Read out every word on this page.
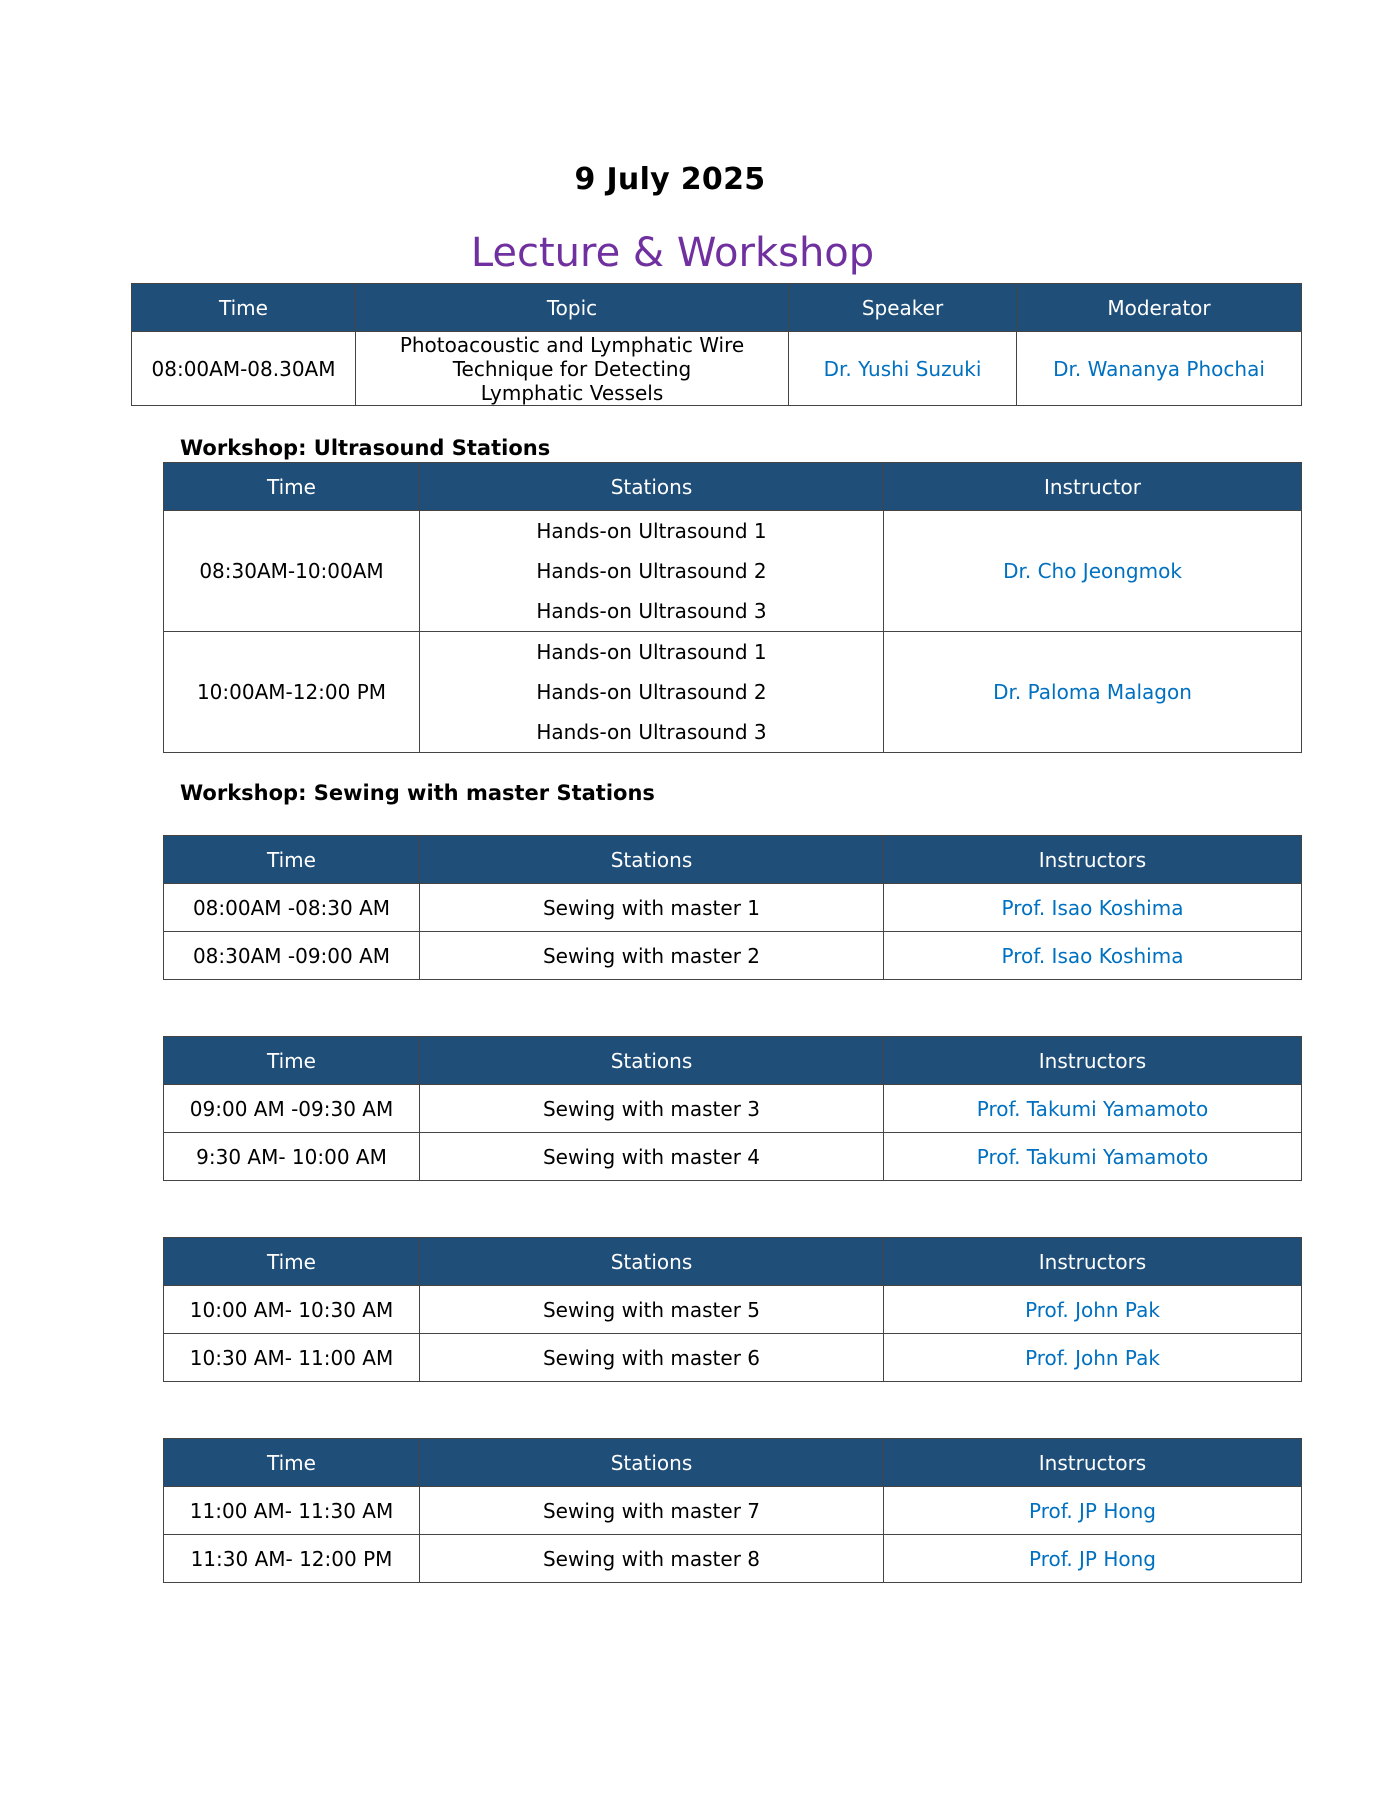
9 July 2025
Lecture & Workshop
Time	Topic	Speaker	Moderator
08:00AM-08.30AM	Photoacoustic and Lymphatic Wire
Technique for Detecting
Lymphatic Vessels	Dr. Yushi Suzuki	Dr. Wananya Phochai
Workshop: Ultrasound Stations
Time	Stations	Instructor
08:30AM-10:00AM	Hands-on Ultrasound 1
Hands-on Ultrasound 2
Hands-on Ultrasound 3	Dr. Cho Jeongmok
10:00AM-12:00 PM	Hands-on Ultrasound 1
Hands-on Ultrasound 2
Hands-on Ultrasound 3	Dr. Paloma Malagon
Workshop: Sewing with master Stations
Time	Stations	Instructors
08:00AM -08:30 AM	Sewing with master 1	Prof. Isao Koshima
08:30AM -09:00 AM	Sewing with master 2	Prof. Isao Koshima
Time	Stations	Instructors
09:00 AM -09:30 AM	Sewing with master 3	Prof. Takumi Yamamoto
9:30 AM- 10:00 AM	Sewing with master 4	Prof. Takumi Yamamoto
Time	Stations	Instructors
10:00 AM- 10:30 AM	Sewing with master 5	Prof. John Pak
10:30 AM- 11:00 AM	Sewing with master 6	Prof. John Pak
Time	Stations	Instructors
11:00 AM- 11:30 AM	Sewing with master 7	Prof. JP Hong
11:30 AM- 12:00 PM	Sewing with master 8	Prof. JP Hong
